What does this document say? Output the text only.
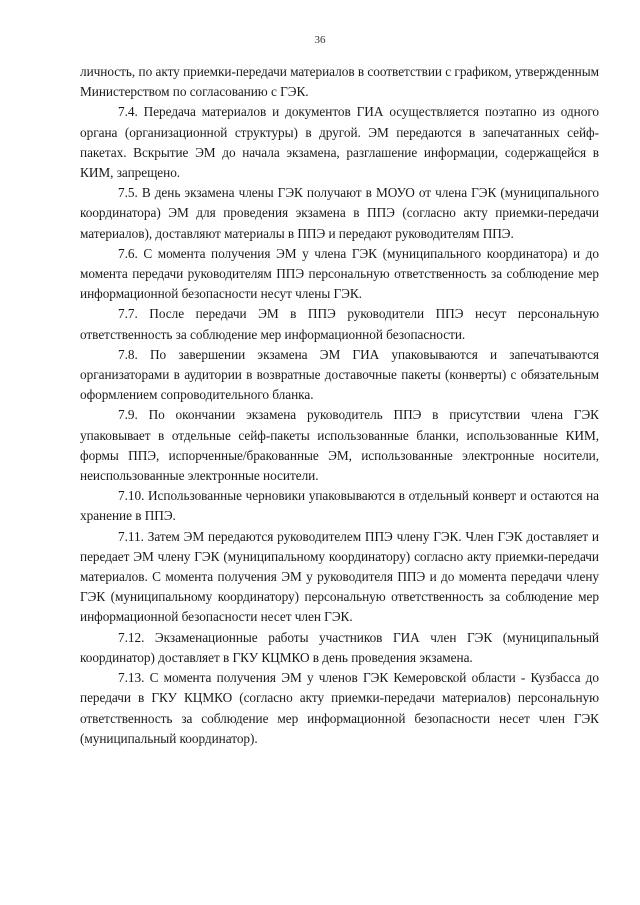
36

личность, по акту приемки-передачи материалов в соответствии с графиком, утвержденным Министерством по согласованию с ГЭК.

7.4. Передача материалов и документов ГИА осуществляется поэтапно из одного органа (организационной структуры) в другой. ЭМ передаются в запечатанных сейф-пакетах. Вскрытие ЭМ до начала экзамена, разглашение информации, содержащейся в КИМ, запрещено.

7.5. В день экзамена члены ГЭК получают в МОУО от члена ГЭК (муниципального координатора) ЭМ для проведения экзамена в ППЭ (согласно акту приемки-передачи материалов), доставляют материалы в ППЭ и передают руководителям ППЭ.

7.6. С момента получения ЭМ у члена ГЭК (муниципального координатора) и до момента передачи руководителям ППЭ персональную ответственность за соблюдение мер информационной безопасности несут члены ГЭК.

7.7. После передачи ЭМ в ППЭ руководители ППЭ несут персональную ответственность за соблюдение мер информационной безопасности.

7.8. По завершении экзамена ЭМ ГИА упаковываются и запечатываются организаторами в аудитории в возвратные доставочные пакеты (конверты) с обязательным оформлением сопроводительного бланка.

7.9. По окончании экзамена руководитель ППЭ в присутствии члена ГЭК упаковывает в отдельные сейф-пакеты использованные бланки, использованные КИМ, формы ППЭ, испорченные/бракованные ЭМ, использованные электронные носители, неиспользованные электронные носители.

7.10. Использованные черновики упаковываются в отдельный конверт и остаются на хранение в ППЭ.

7.11. Затем ЭМ передаются руководителем ППЭ члену ГЭК. Член ГЭК доставляет и передает ЭМ члену ГЭК (муниципальному координатору) согласно акту приемки-передачи материалов. С момента получения ЭМ у руководителя ППЭ и до момента передачи члену ГЭК (муниципальному координатору) персональную ответственность за соблюдение мер информационной безопасности несет член ГЭК.

7.12. Экзаменационные работы участников ГИА член ГЭК (муниципальный координатор) доставляет в ГКУ КЦМКО в день проведения экзамена.

7.13. С момента получения ЭМ у членов ГЭК Кемеровской области - Кузбасса до передачи в ГКУ КЦМКО (согласно акту приемки-передачи материалов) персональную ответственность за соблюдение мер информационной безопасности несет член ГЭК (муниципальный координатор).
